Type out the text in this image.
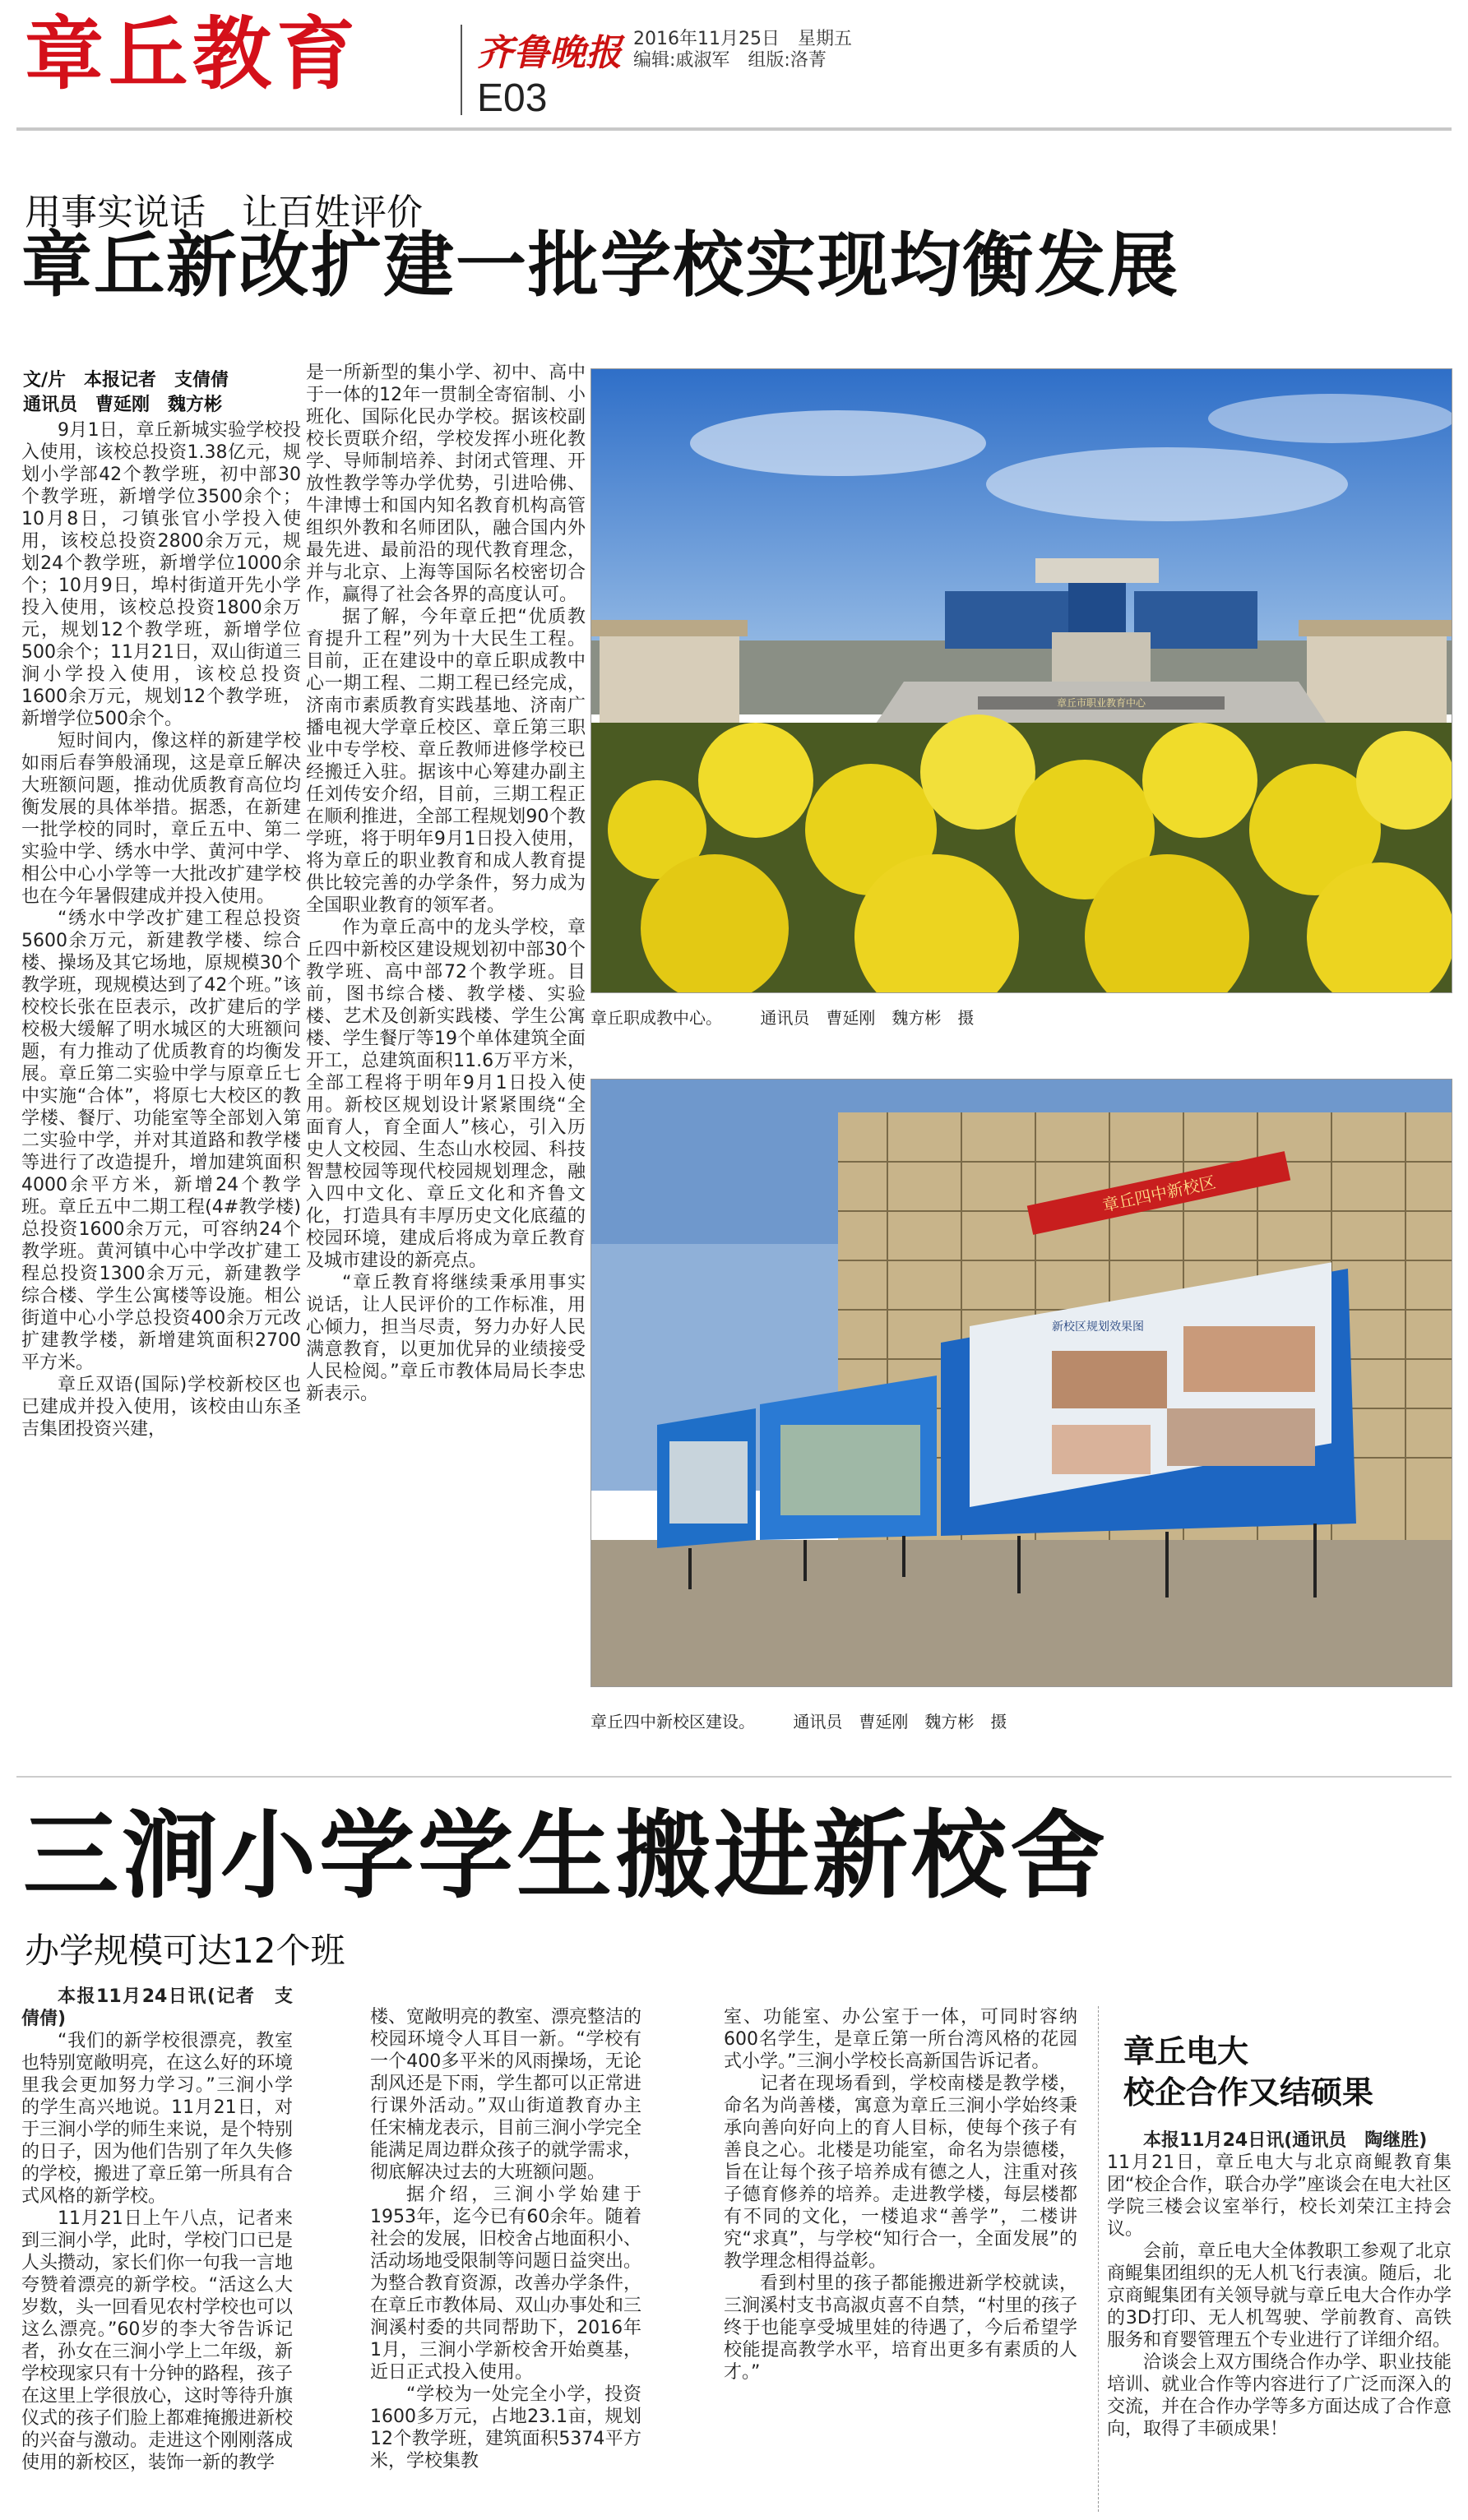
章丘教育	齐鲁晚报
E03
2016年11月25日　星期五
编辑:戚淑军　组版:洛菁
用事实说话　让百姓评价
章丘新改扩建一批学校实现均衡发展
文/片　本报记者　支倩倩
通讯员　曹延刚　魏方彬

9月1日，章丘新城实验学校投入使用，该校总投资1.38亿元，规划小学部42个教学班，初中部30个教学班，新增学位3500余个；10月8日，刁镇张官小学投入使用，该校总投资2800余万元，规划24个教学班，新增学位1000余个；10月9日，埠村街道开先小学投入使用，该校总投资1800余万元，规划12个教学班，新增学位500余个；11月21日，双山街道三涧小学投入使用，该校总投资1600余万元，规划12个教学班，新增学位500余个。

短时间内，像这样的新建学校如雨后春笋般涌现，这是章丘解决大班额问题，推动优质教育高位均衡发展的具体举措。据悉，在新建一批学校的同时，章丘五中、第二实验中学、绣水中学、黄河中学、相公中心小学等一大批改扩建学校也在今年暑假建成并投入使用。

“绣水中学改扩建工程总投资5600余万元，新建教学楼、综合楼、操场及其它场地，原规模30个教学班，现规模达到了42个班。”该校校长张在臣表示，改扩建后的学校极大缓解了明水城区的大班额问题，有力推动了优质教育的均衡发展。章丘第二实验中学与原章丘七中实施“合体”，将原七大校区的教学楼、餐厅、功能室等全部划入第二实验中学，并对其道路和教学楼等进行了改造提升，增加建筑面积4000余平方米，新增24个教学班。章丘五中二期工程(4#教学楼)总投资1600余万元，可容纳24个教学班。黄河镇中心中学改扩建工程总投资1300余万元，新建教学综合楼、学生公寓楼等设施。相公街道中心小学总投资400余万元改扩建教学楼，新增建筑面积2700平方米。

章丘双语(国际)学校新校区也已建成并投入使用，该校由山东圣吉集团投资兴建，

是一所新型的集小学、初中、高中于一体的12年一贯制全寄宿制、小班化、国际化民办学校。据该校副校长贾联介绍，学校发挥小班化教学、导师制培养、封闭式管理、开放性教学等办学优势，引进哈佛、牛津博士和国内知名教育机构高管组织外教和名师团队，融合国内外最先进、最前沿的现代教育理念，并与北京、上海等国际名校密切合作，赢得了社会各界的高度认可。

据了解，今年章丘把“优质教育提升工程”列为十大民生工程。目前，正在建设中的章丘职成教中心一期工程、二期工程已经完成，济南市素质教育实践基地、济南广播电视大学章丘校区、章丘第三职业中专学校、章丘教师进修学校已经搬迁入驻。据该中心筹建办副主任刘传安介绍，目前，三期工程正在顺利推进，全部工程规划90个教学班，将于明年9月1日投入使用，将为章丘的职业教育和成人教育提供比较完善的办学条件，努力成为全国职业教育的领军者。

作为章丘高中的龙头学校，章丘四中新校区建设规划初中部30个教学班、高中部72个教学班。目前，图书综合楼、教学楼、实验楼、艺术及创新实践楼、学生公寓楼、学生餐厅等19个单体建筑全面开工，总建筑面积11.6万平方米，全部工程将于明年9月1日投入使用。新校区规划设计紧紧围绕“全面育人，育全面人”核心，引入历史人文校园、生态山水校园、科技智慧校园等现代校园规划理念，融入四中文化、章丘文化和齐鲁文化，打造具有丰厚历史文化底蕴的校园环境，建成后将成为章丘教育及城市建设的新亮点。

“章丘教育将继续秉承用事实说话，让人民评价的工作标准，用心倾力，担当尽责，努力办好人民满意教育，以更加优异的业绩接受人民检阅。”章丘市教体局局长李忠新表示。

章丘市职业教育中心
章丘职成教中心。 通讯员　曹延刚　魏方彬　摄
章丘四中新校区
新校区规划效果图
章丘四中新校区建设。 通讯员　曹延刚　魏方彬　摄
三涧小学学生搬进新校舍
办学规模可达12个班

本报11月24日讯(记者　支倩倩)

“我们的新学校很漂亮，教室也特别宽敞明亮，在这么好的环境里我会更加努力学习。”三涧小学的学生高兴地说。11月21日，对于三涧小学的师生来说，是个特别的日子，因为他们告别了年久失修的学校，搬进了章丘第一所具有合式风格的新学校。

11月21日上午八点，记者来到三涧小学，此时，学校门口已是人头攒动，家长们你一句我一言地夸赞着漂亮的新学校。“活这么大岁数，头一回看见农村学校也可以这么漂亮。”60岁的李大爷告诉记者，孙女在三涧小学上二年级，新学校现家只有十分钟的路程，孩子在这里上学很放心，这时等待升旗仪式的孩子们脸上都难掩搬进新校的兴奋与激动。走进这个刚刚落成使用的新校区，装饰一新的教学

楼、宽敞明亮的教室、漂亮整洁的校园环境令人耳目一新。“学校有一个400多平米的风雨操场，无论刮风还是下雨，学生都可以正常进行课外活动。”双山街道教育办主任宋楠龙表示，目前三涧小学完全能满足周边群众孩子的就学需求，彻底解决过去的大班额问题。

据介绍，三涧小学始建于1953年，迄今已有60余年。随着社会的发展，旧校舍占地面积小、活动场地受限制等问题日益突出。为整合教育资源，改善办学条件，在章丘市教体局、双山办事处和三涧溪村委的共同帮助下，2016年1月，三涧小学新校舍开始奠基，近日正式投入使用。

“学校为一处完全小学，投资1600多万元，占地23.1亩，规划12个教学班，建筑面积5374平方米，学校集教

室、功能室、办公室于一体，可同时容纳600名学生，是章丘第一所台湾风格的花园式小学。”三涧小学校长高新国告诉记者。

记者在现场看到，学校南楼是教学楼，命名为尚善楼，寓意为章丘三涧小学始终秉承向善向好向上的育人目标，使每个孩子有善良之心。北楼是功能室，命名为崇德楼，旨在让每个孩子培养成有德之人，注重对孩子德育修养的培养。走进教学楼，每层楼都有不同的文化，一楼追求“善学”，二楼讲究“求真”，与学校“知行合一，全面发展”的教学理念相得益彰。

看到村里的孩子都能搬进新学校就读，三涧溪村支书高淑贞喜不自禁，“村里的孩子终于也能享受城里娃的待遇了，今后希望学校能提高教学水平，培育出更多有素质的人才。”

章丘电大
校企合作又结硕果

本报11月24日讯(通讯员　陶继胜)

11月21日，章丘电大与北京商鲲教育集团“校企合作，联合办学”座谈会在电大社区学院三楼会议室举行，校长刘荣江主持会议。

会前，章丘电大全体教职工参观了北京商鲲集团组织的无人机飞行表演。随后，北京商鲲集团有关领导就与章丘电大合作办学的3D打印、无人机驾驶、学前教育、高铁服务和育婴管理五个专业进行了详细介绍。

洽谈会上双方围绕合作办学、职业技能培训、就业合作等内容进行了广泛而深入的交流，并在合作办学等多方面达成了合作意向，取得了丰硕成果！
